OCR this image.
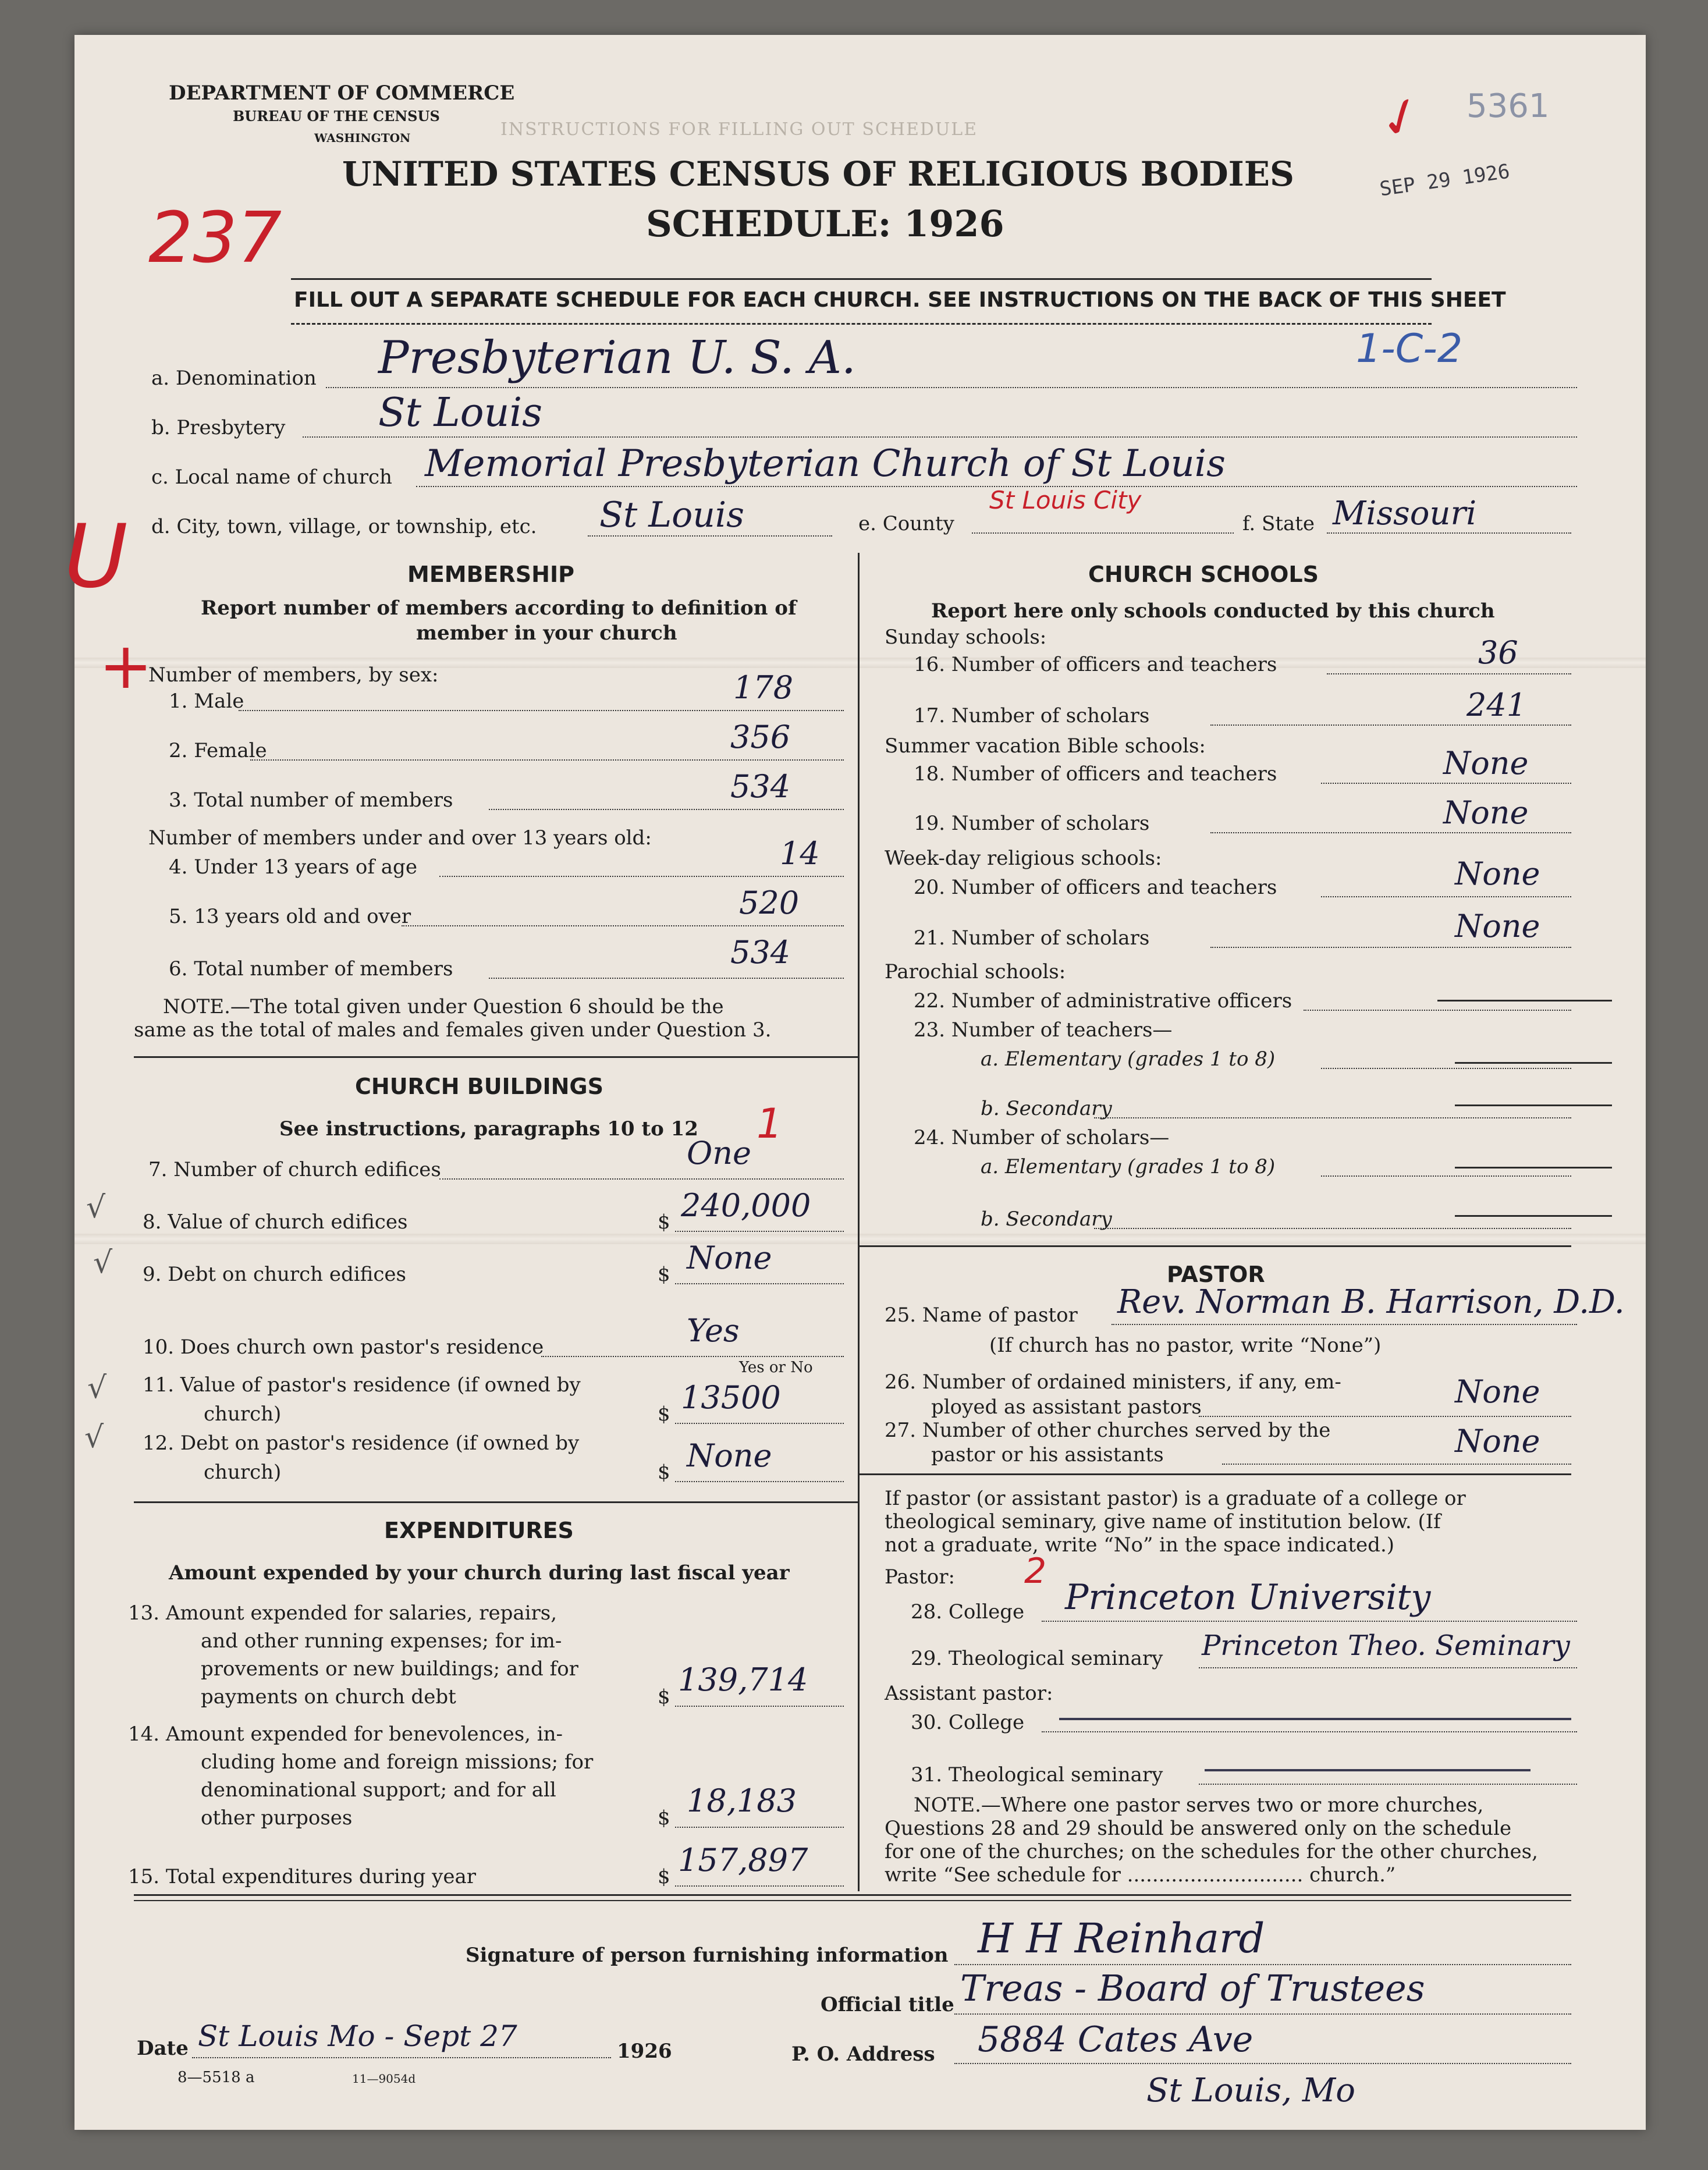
INSTRUCTIONS FOR FILLING OUT SCHEDULE
DEPARTMENT OF COMMERCE
BUREAU OF THE CENSUS
WASHINGTON
UNITED STATES CENSUS OF RELIGIOUS BODIES
SCHEDULE: 1926
FILL OUT A SEPARATE SCHEDULE FOR EACH CHURCH. SEE INSTRUCTIONS ON THE BACK OF THIS SHEET
5361
SEP 29 1926
✓
237
1-C-2
U
+
a. Denomination Presbyterian U. S. A.
b. Presbytery St Louis
c. Local name of church Memorial Presbyterian Church of St Louis
d. City, town, village, or township, etc. St Louis	e. County
St Louis City
f. State Missouri
MEMBERSHIP
Report number of members according to definition of
member in your church
Number of members, by sex:
1. Male	178
2. Female	356
3. Total number of members	534
Number of members under and over 13 years old:
4. Under 13 years of age	14
5. 13 years old and over	520
6. Total number of members	534
NOTE.—The total given under Question 6 should be the
same as the total of males and females given under Question 3.
CHURCH BUILDINGS
See instructions, paragraphs 10 to 12 1
7. Number of church edifices	One
8. Value of church edifices	$ 240,000
9. Debt on church edifices	$ None
10. Does church own pastor's residence	Yes
Yes or No
11. Value of pastor's residence (if owned by
church)	$ 13500
12. Debt on pastor's residence (if owned by
church)	$ None
√
√
√
√
EXPENDITURES
Amount expended by your church during last fiscal year
13. Amount expended for salaries, repairs,
and other running expenses; for im-
provements or new buildings; and for
payments on church debt	$ 139,714
14. Amount expended for benevolences, in-
cluding home and foreign missions; for
denominational support; and for all
other purposes	$ 18,183
15. Total expenditures during year	$ 157,897
CHURCH SCHOOLS
Report here only schools conducted by this church
Sunday schools:
16. Number of officers and teachers	36
17. Number of scholars	241
Summer vacation Bible schools:
18. Number of officers and teachers	None
19. Number of scholars	None
Week-day religious schools:
20. Number of officers and teachers	None
21. Number of scholars	None
Parochial schools:
22. Number of administrative officers
23. Number of teachers—
a. Elementary (grades 1 to 8)
b. Secondary
24. Number of scholars—
a. Elementary (grades 1 to 8)
b. Secondary
PASTOR
25. Name of pastor Rev. Norman B. Harrison, D.D.
(If church has no pastor, write “None”)
26. Number of ordained ministers, if any, em-
ployed as assistant pastors	None
27. Number of other churches served by the
pastor or his assistants	None
If pastor (or assistant pastor) is a graduate of a college or
theological seminary, give name of institution below. (If
not a graduate, write “No” in the space indicated.)
Pastor: 2
28. College Princeton University
29. Theological seminary Princeton Theo. Seminary
Assistant pastor:
30. College
31. Theological seminary
NOTE.—Where one pastor serves two or more churches,
Questions 28 and 29 should be answered only on the schedule
for one of the churches; on the schedules for the other churches,
write “See schedule for ............................ church.”
Signature of person furnishing information H H Reinhard
Official title Treas - Board of Trustees
Date St Louis Mo - Sept 27	1926	P. O. Address 5884 Cates Ave
St Louis, Mo
8—5518 a	11—9054d
